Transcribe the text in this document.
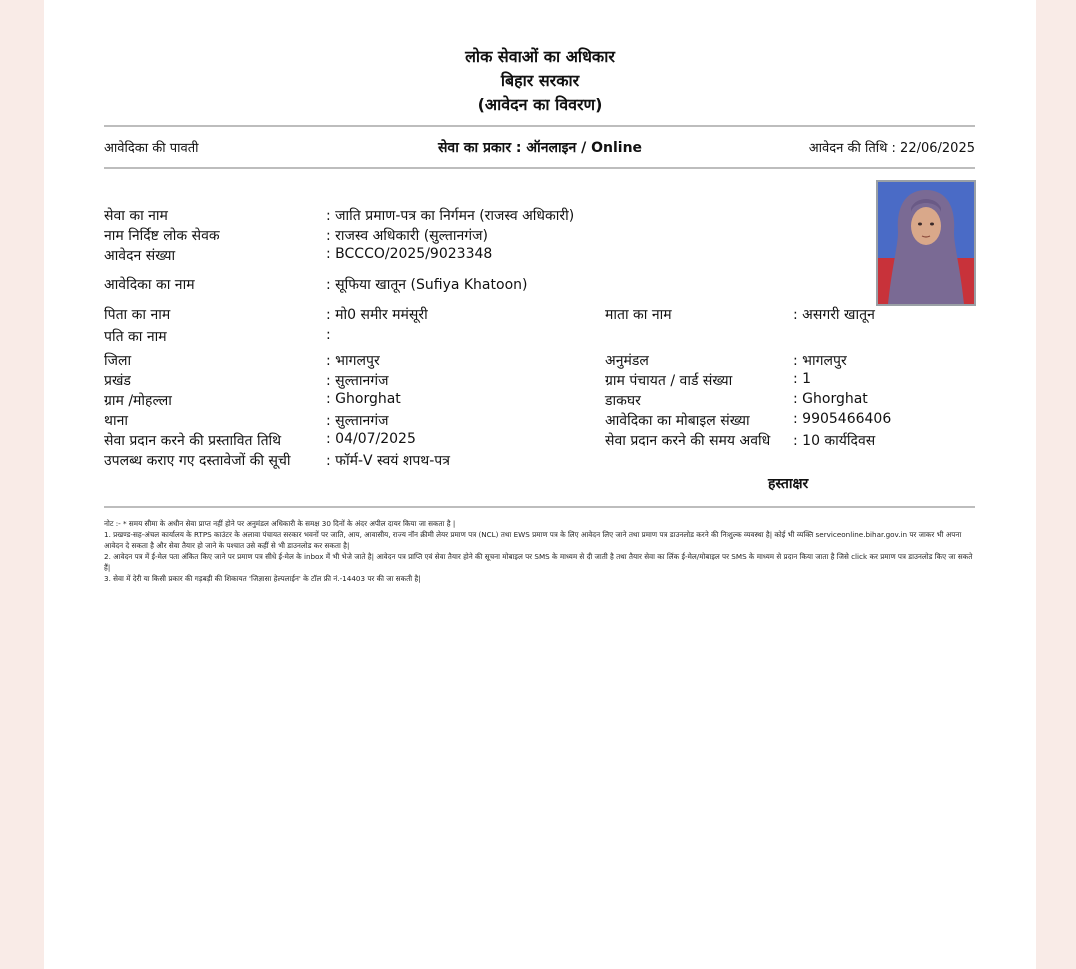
लोक सेवाओं का अधिकार
बिहार सरकार
(आवेदन का विवरण)
आवेदिका की पावती	सेवा का प्रकार : ऑनलाइन / Online	आवेदन की तिथि : 22/06/2025
सेवा का नाम	: जाति प्रमाण-पत्र का निर्गमन (राजस्व अधिकारी)
नाम निर्दिष्ट लोक सेवक	: राजस्व अधिकारी (सुल्तानगंज)
आवेदन संख्या	: BCCCO/2025/9023348
आवेदिका का नाम	: सूफिया खातून (Sufiya Khatoon)
पिता का नाम	: मो0 समीर ममंसूरी	माता का नाम	: असगरी खातून
पति का नाम	:
जिला	: भागलपुर	अनुमंडल	: भागलपुर
प्रखंड	: सुल्तानगंज	ग्राम पंचायत / वार्ड संख्या	: 1
ग्राम /मोहल्ला	: Ghorghat	डाकघर	: Ghorghat
थाना	: सुल्तानगंज	आवेदिका का मोबाइल संख्या	: 9905466406
सेवा प्रदान करने की प्रस्तावित तिथि	: 04/07/2025	सेवा प्रदान करने की समय अवधि : 10 कार्यदिवस
उपलब्ध कराए गए दस्तावेजों की सूची	: फॉर्म-V स्वयं शपथ-पत्र
हस्ताक्षर

नोट :- * समय सीमा के अधीन सेवा प्राप्त नहीं होने पर अनुमंडल अधिकारी के समक्ष 30 दिनों के अंदर अपील दायर किया जा सकता है |

1. प्रखण्ड-सह-अंचल कार्यालय के RTPS काउंटर के अलावा पंचायत सरकार भवनों पर जाति, आय, आवासीय, राज्य नॉन क्रीमी लेयर प्रमाण पत्र (NCL) तथा EWS प्रमाण पत्र के लिए आवेदन लिए जाने तथा प्रमाण पत्र डाउनलोड करने की निःशुल्क व्यवस्था है| कोई भी व्यक्ति serviceonline.bihar.gov.in पर जाकर भी अपना आवेदन दे सकता है और सेवा तैयार हो जाने के पश्चात उसे कहीं से भी डाउनलोड कर सकता है|

2. आवेदन पत्र में ई-मेल पता अंकित किए जाने पर प्रमाण पत्र सीधे ई-मेल के inbox में भी भेजे जाते है| आवेदन पत्र प्राप्ति एवं सेवा तैयार होने की सूचना मोबाइल पर SMS के माध्यम से दी जाती है तथा तैयार सेवा का लिंक ई-मेल/मोबाइल पर SMS के माध्यम से प्रदान किया जाता है जिसे click कर प्रमाण पत्र डाउनलोड किए जा सकते हैं|

3. सेवा में देरी या किसी प्रकार की गड़बड़ी की शिकायत 'जिज्ञासा हेल्पलाईन' के टॉल फ्री नं.-14403 पर की जा सकती है|
